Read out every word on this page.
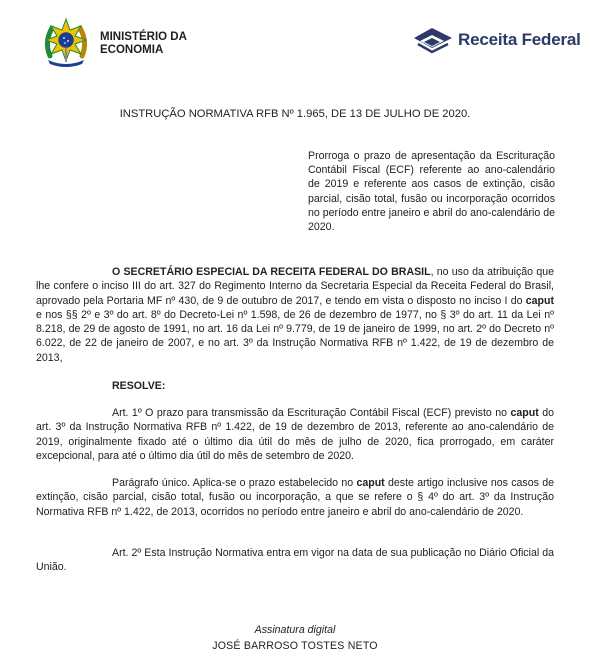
MINISTÉRIO DA
ECONOMIA
Receita Federal
INSTRUÇÃO NORMATIVA RFB Nº 1.965, DE 13 DE JULHO DE 2020.
Prorroga o prazo de apresentação da Escrituração Contábil Fiscal (ECF) referente ao ano-calendário de 2019 e referente aos casos de extinção, cisão parcial, cisão total, fusão ou incorporação ocorridos no período entre janeiro e abril do ano-calendário de 2020.
O SECRETÁRIO ESPECIAL DA RECEITA FEDERAL DO BRASIL, no uso da atribuição que lhe confere o inciso III do art. 327 do Regimento Interno da Secretaria Especial da Receita Federal do Brasil, aprovado pela Portaria MF nº 430, de 9 de outubro de 2017, e tendo em vista o disposto no inciso I do caput e nos §§ 2º e 3º do art. 8º do Decreto-Lei nº 1.598, de 26 de dezembro de 1977, no § 3º do art. 11 da Lei nº 8.218, de 29 de agosto de 1991, no art. 16 da Lei nº 9.779, de 19 de janeiro de 1999, no art. 2º do Decreto nº 6.022, de 22 de janeiro de 2007, e no art. 3º da Instrução Normativa RFB nº 1.422, de 19 de dezembro de 2013,
RESOLVE:
Art. 1º O prazo para transmissão da Escrituração Contábil Fiscal (ECF) previsto no caput do art. 3º da Instrução Normativa RFB nº 1.422, de 19 de dezembro de 2013, referente ao ano-calendário de 2019, originalmente fixado até o último dia útil do mês de julho de 2020, fica prorrogado, em caráter excepcional, para até o último dia útil do mês de setembro de 2020.
Parágrafo único. Aplica-se o prazo estabelecido no caput deste artigo inclusive nos casos de extinção, cisão parcial, cisão total, fusão ou incorporação, a que se refere o § 4º do art. 3º da Instrução Normativa RFB nº 1.422, de 2013, ocorridos no período entre janeiro e abril do ano-calendário de 2020.
Art. 2º Esta Instrução Normativa entra em vigor na data de sua publicação no Diário Oficial da União.
Assinatura digital
JOSÉ BARROSO TOSTES NETO
